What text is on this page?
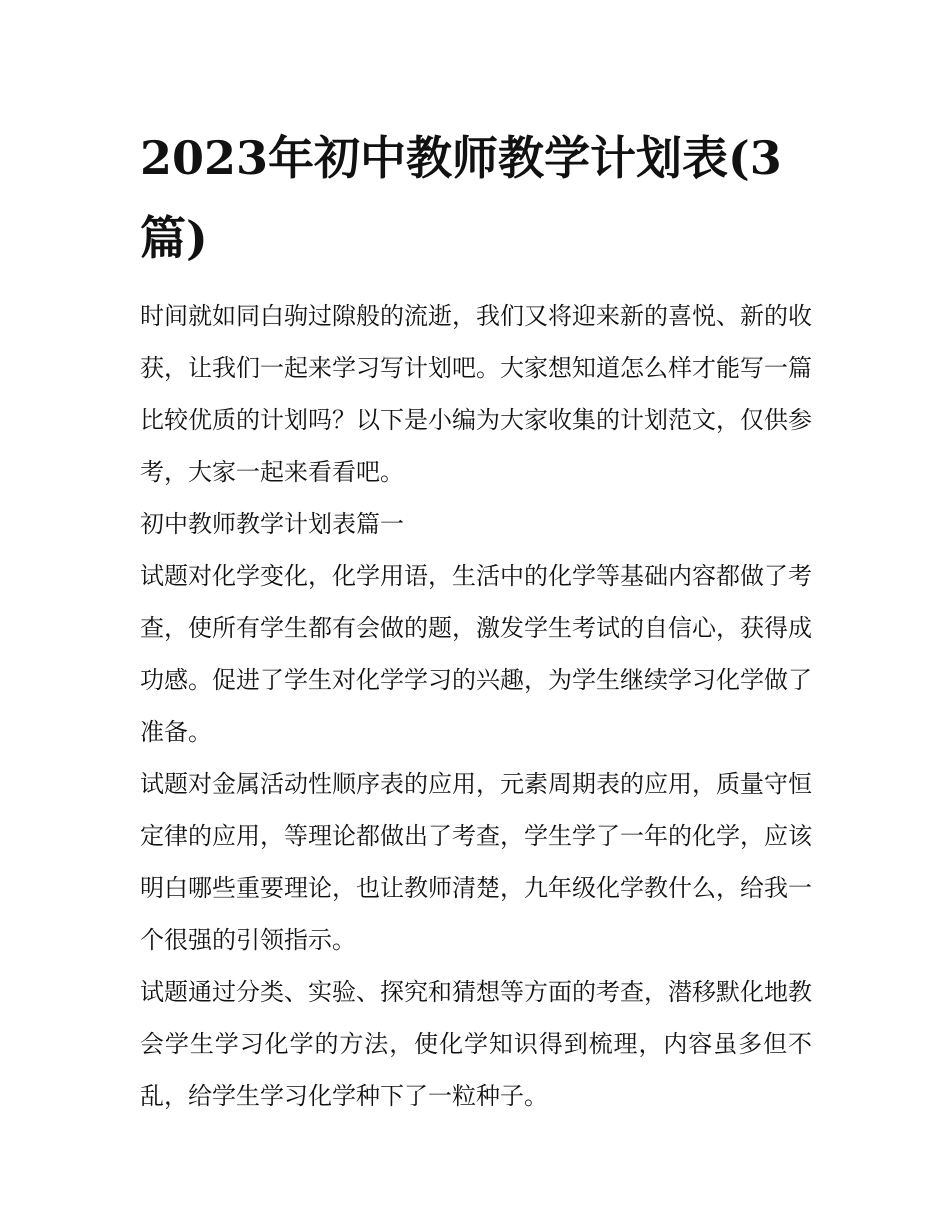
2023年初中教师教学计划表(3篇)

时间就如同白驹过隙般的流逝，我们又将迎来新的喜悦、新的收获，让我们一起来学习写计划吧。大家想知道怎么样才能写一篇比较优质的计划吗？以下是小编为大家收集的计划范文，仅供参考，大家一起来看看吧。

初中教师教学计划表篇一

试题对化学变化，化学用语，生活中的化学等基础内容都做了考查，使所有学生都有会做的题，激发学生考试的自信心，获得成功感。促进了学生对化学学习的兴趣，为学生继续学习化学做了准备。

试题对金属活动性顺序表的应用，元素周期表的应用，质量守恒定律的应用，等理论都做出了考查，学生学了一年的化学，应该明白哪些重要理论，也让教师清楚，九年级化学教什么，给我一个很强的引领指示。

试题通过分类、实验、探究和猜想等方面的考查，潜移默化地教会学生学习化学的方法，使化学知识得到梳理，内容虽多但不乱，给学生学习化学种下了一粒种子。
